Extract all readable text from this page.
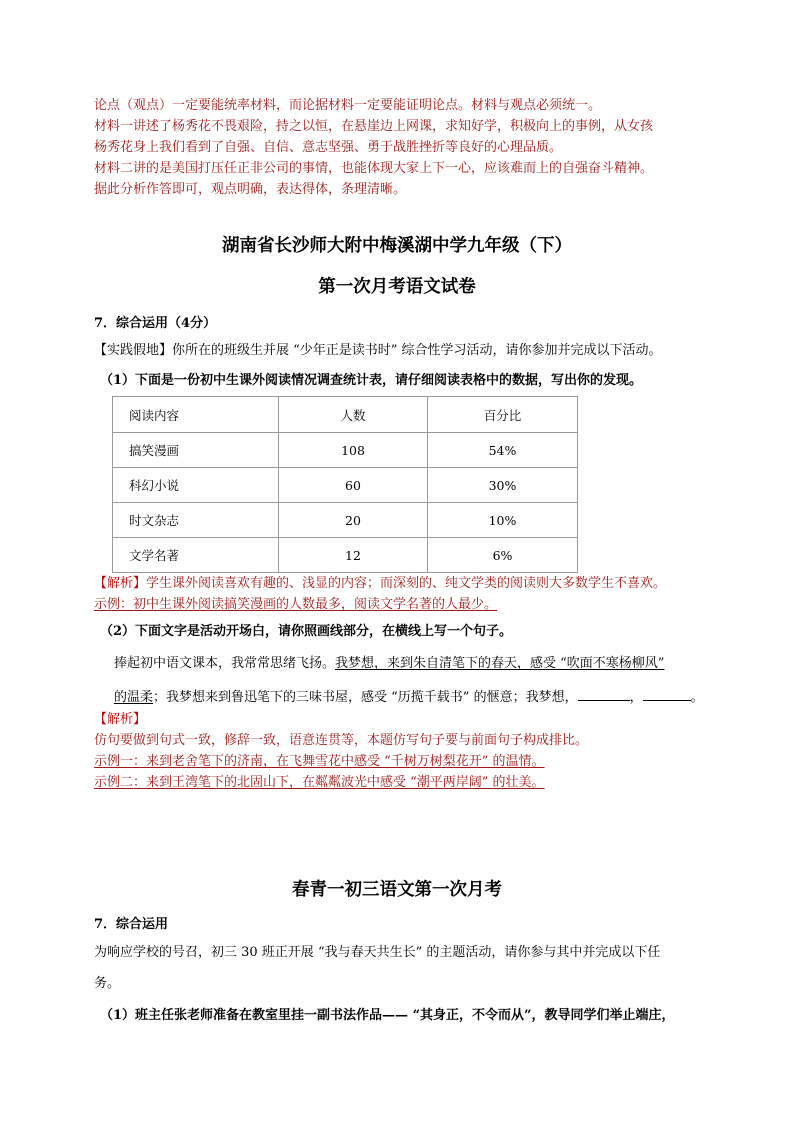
论点（观点）一定要能统率材料，而论据材料一定要能证明论点。材料与观点必须统一。
材料一讲述了杨秀花不畏艰险，持之以恒，在悬崖边上网课，求知好学，积极向上的事例，从女孩
杨秀花身上我们看到了自强、自信、意志坚强、勇于战胜挫折等良好的心理品质。
材料二讲的是美国打压任正非公司的事情，也能体现大家上下一心，应该难而上的自强奋斗精神。
据此分析作答即可，观点明确，表达得体，条理清晰。
湖南省长沙师大附中梅溪湖中学九年级（下）
第一次月考语文试卷
7．综合运用（4分）
【实践假地】你所在的班级生并展 “少年正是读书时” 综合性学习活动，请你参加并完成以下活动。
（1）下面是一份初中生课外阅读情况调查统计表，请仔细阅读表格中的数据，写出你的发现。
阅读内容	人数	百分比
搞笑漫画	108	54%
科幻小说	60	30%
时文杂志	20	10%
文学名著	12	6%
【解析】学生课外阅读喜欢有趣的、浅显的内容；而深刻的、纯文学类的阅读则大多数学生不喜欢。
示例：初中生课外阅读搞笑漫画的人数最多，阅读文学名著的人最少。
（2）下面文字是活动开场白，请你照画线部分，在横线上写一个句子。
捧起初中语文课本，我常常思绪飞扬。我梦想，来到朱自清笔下的春天，感受 “吹面不寒杨柳风”
的温柔；我梦想来到鲁迅笔下的三味书屋，感受 “历揽千载书” 的惬意；我梦想，	，	。
【解析】
仿句要做到句式一致，修辞一致，语意连贯等，本题仿写句子要与前面句子构成排比。
示例一：来到老舍笔下的济南，在飞舞雪花中感受 “千树万树梨花开” 的温情。
示例二：来到王湾笔下的北固山下，在粼粼波光中感受 “潮平两岸阔” 的壮美。
春青一初三语文第一次月考
7．综合运用
为响应学校的号召，初三 30 班正开展 “我与春天共生长” 的主题活动，请你参与其中并完成以下任
务。
（1）班主任张老师准备在教室里挂一副书法作品—— “其身正，不令而从”，教导同学们举止端庄，
